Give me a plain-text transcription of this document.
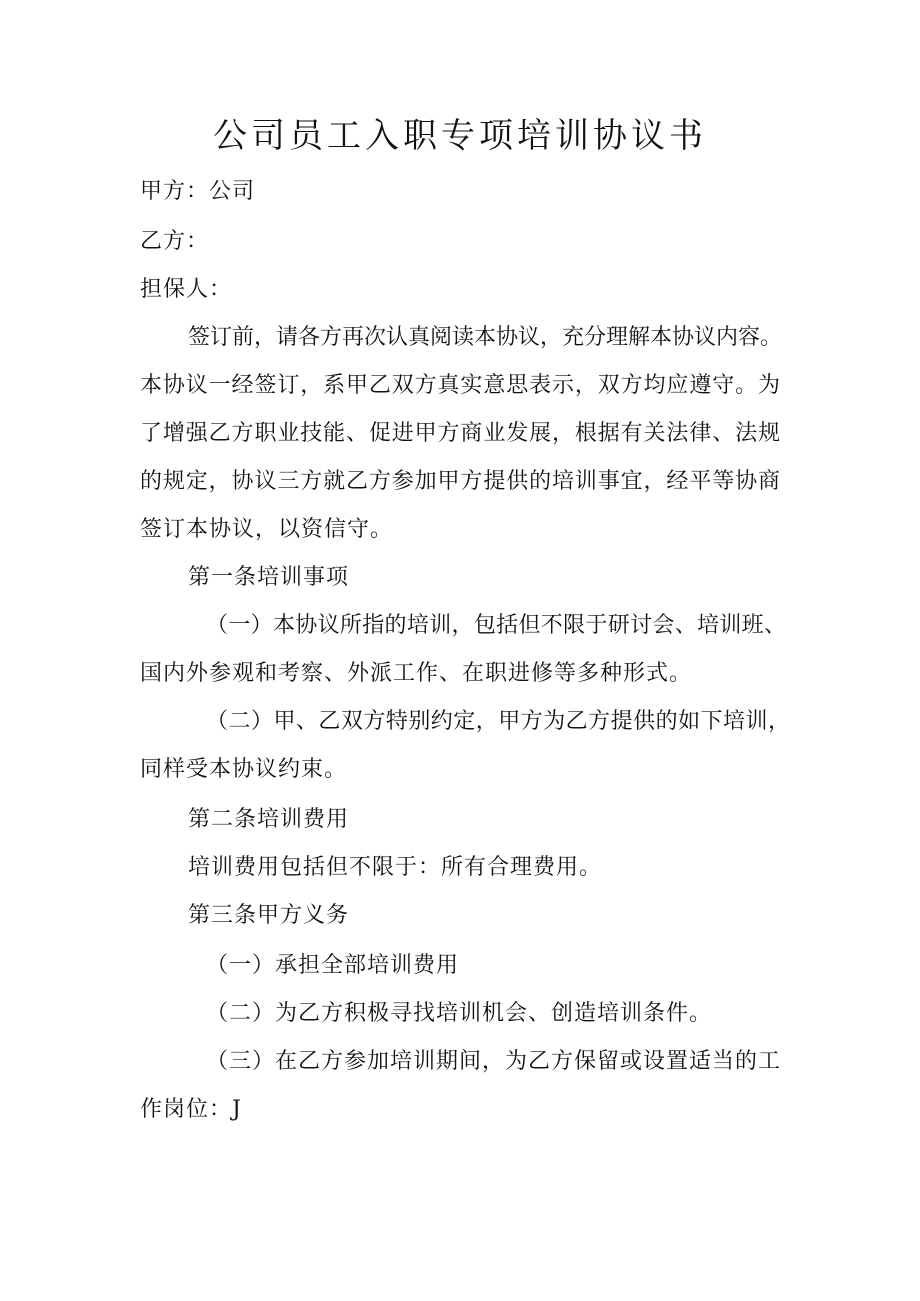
公司员工入职专项培训协议书
甲方：公司
乙方：
担保人：
签订前，请各方再次认真阅读本协议，充分理解本协议内容。
本协议一经签订，系甲乙双方真实意思表示，双方均应遵守。为
了增强乙方职业技能、促进甲方商业发展，根据有关法律、法规
的规定，协议三方就乙方参加甲方提供的培训事宜，经平等协商
签订本协议，以资信守。
第一条培训事项
（一）本协议所指的培训，包括但不限于研讨会、培训班、
国内外参观和考察、外派工作、在职进修等多种形式。
（二）甲、乙双方特别约定，甲方为乙方提供的如下培训，
同样受本协议约束。
第二条培训费用
培训费用包括但不限于：所有合理费用。
第三条甲方义务
（一）承担全部培训费用
（二）为乙方积极寻找培训机会、创造培训条件。
（三）在乙方参加培训期间，为乙方保留或设置适当的工
作岗位：J
